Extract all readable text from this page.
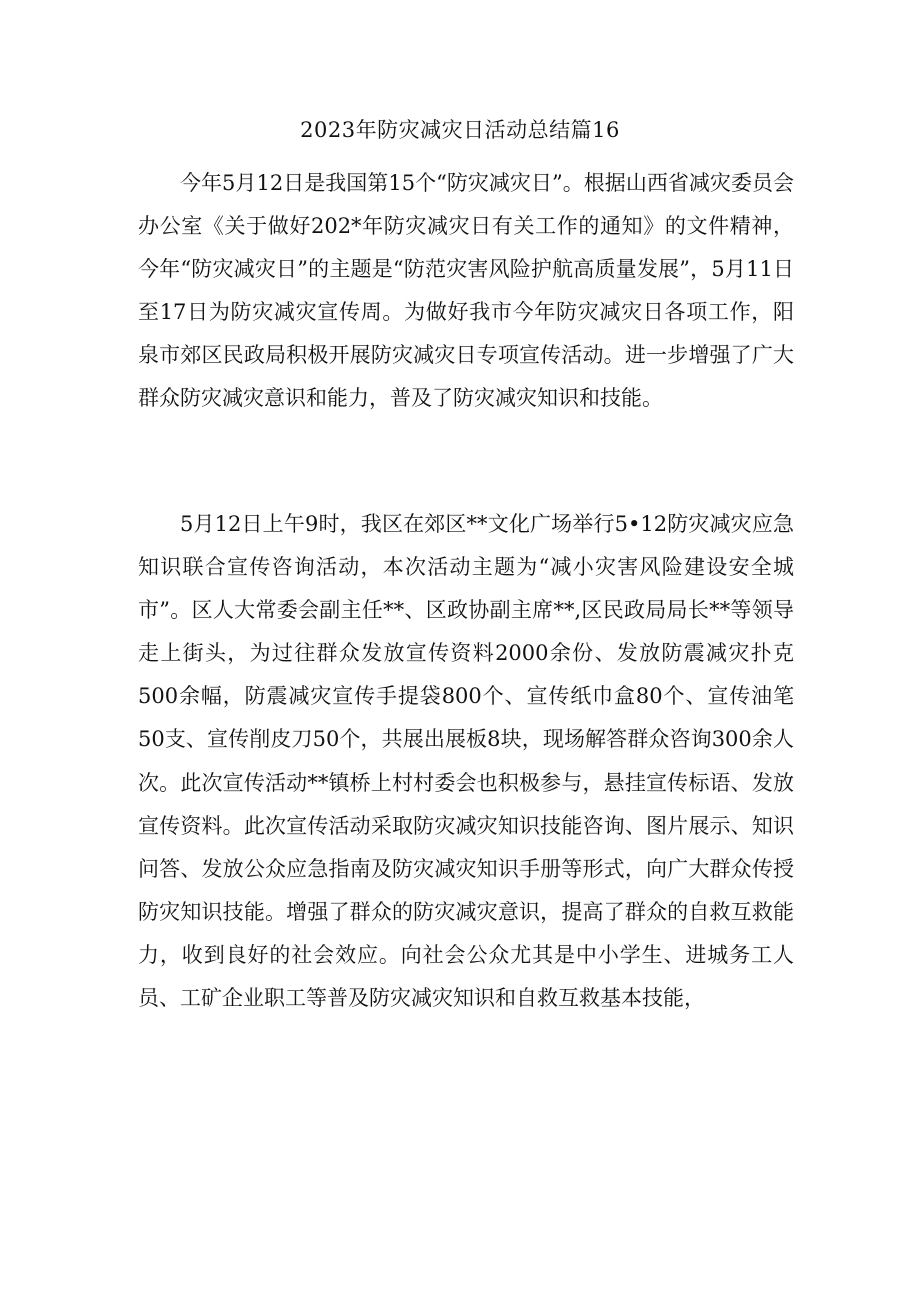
2023年防灾减灾日活动总结篇16

今年5月12日是我国第15个“防灾减灾日”。根据山西省减灾委员会办公室《关于做好202*年防灾减灾日有关工作的通知》的文件精神，今年“防灾减灾日”的主题是“防范灾害风险护航高质量发展”，5月11日至17日为防灾减灾宣传周。为做好我市今年防灾减灾日各项工作，阳泉市郊区民政局积极开展防灾减灾日专项宣传活动。进一步增强了广大群众防灾减灾意识和能力，普及了防灾减灾知识和技能。

5月12日上午9时，我区在郊区**文化广场举行5•12防灾减灾应急知识联合宣传咨询活动，本次活动主题为“减小灾害风险建设安全城市”。区人大常委会副主任**、区政协副主席**,区民政局局长**等领导走上街头，为过往群众发放宣传资料2000余份、发放防震减灾扑克500余幅，防震减灾宣传手提袋800个、宣传纸巾盒80个、宣传油笔50支、宣传削皮刀50个，共展出展板8块，现场解答群众咨询300余人次。此次宣传活动**镇桥上村村委会也积极参与，悬挂宣传标语、发放宣传资料。此次宣传活动采取防灾减灾知识技能咨询、图片展示、知识问答、发放公众应急指南及防灾减灾知识手册等形式，向广大群众传授防灾知识技能。增强了群众的防灾减灾意识，提高了群众的自救互救能力，收到良好的社会效应。向社会公众尤其是中小学生、进城务工人员、工矿企业职工等普及防灾减灾知识和自救互救基本技能，
